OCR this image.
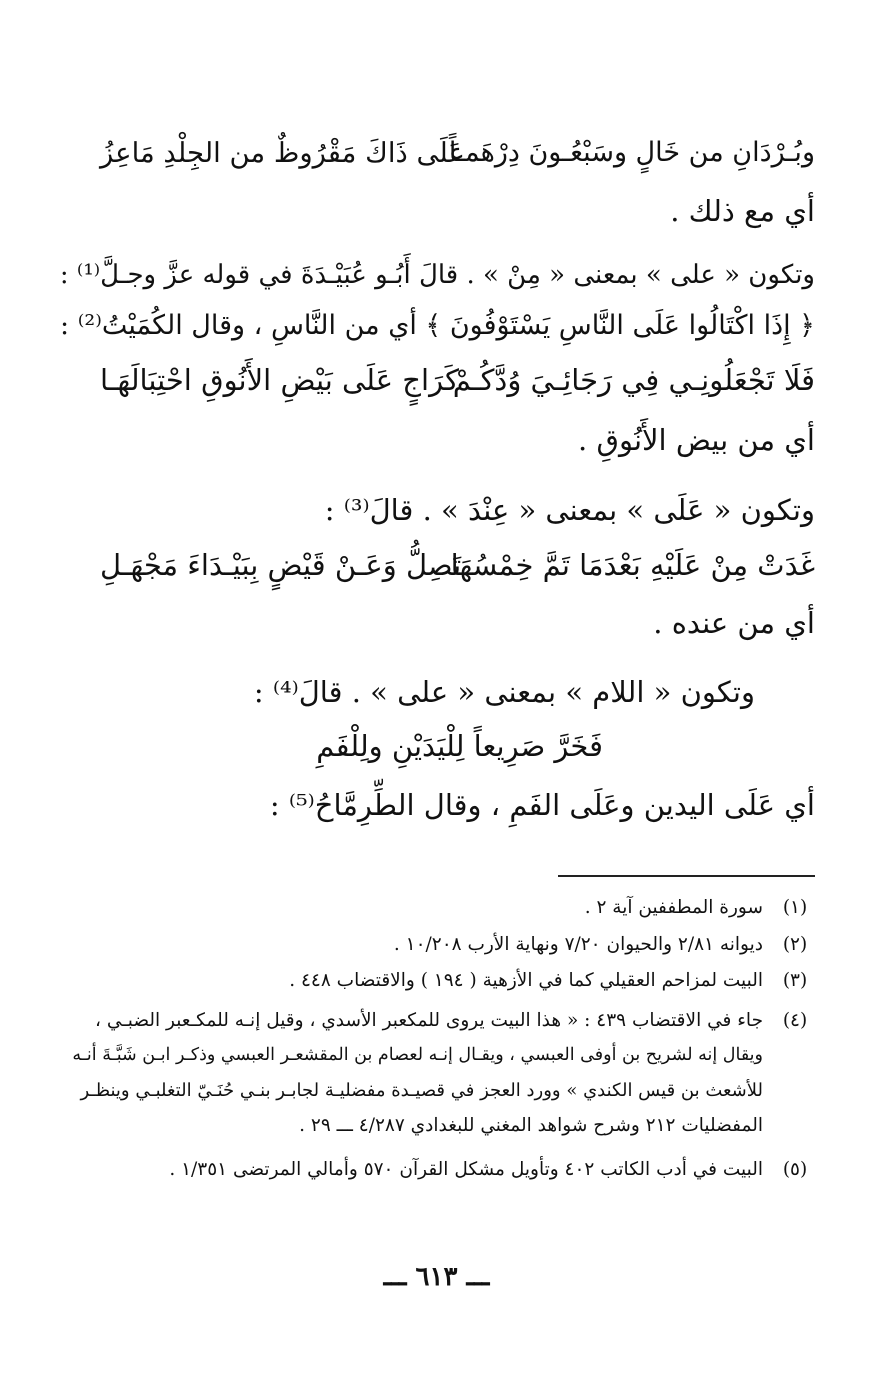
وبُـرْدَانِ من خَالٍ وسَبْعُـونَ دِرْهَمـاً
عَلَى ذَاكَ مَقْرُوظٌ من الجِلْدِ مَاعِزُ
أي مع ذلك .
وتكون « على » بمعنى « مِنْ » . قالَ أَبُـو عُبَيْـدَةَ في قوله عزَّ وجـلَّ⁽¹⁾ :
﴿ إِذَا اكْتَالُوا عَلَى النَّاسِ يَسْتَوْفُونَ ﴾ أي من النَّاسِ ، وقال الكُمَيْتُ⁽²⁾ :
فَلَا تَجْعَلُونِـي فِي رَجَائِـيَ وُدَّكُـمْ
كَرَاجٍ عَلَى بَيْضِ الأَنُوقِ احْتِبَالَهَـا
أي من بيض الأَنُوقِ .
وتكون « عَلَى » بمعنى « عِنْدَ » . قالَ⁽³⁾ :
غَدَتْ مِنْ عَلَيْهِ بَعْدَمَا تَمَّ خِمْسُهَا
تَصِلُّ وَعَـنْ قَيْضٍ بِبَيْـدَاءَ مَجْهَـلِ
أي من عنده .
وتكون « اللام » بمعنى « على » . قالَ⁽⁴⁾ :
فَخَرَّ صَرِيعاً لِلْيَدَيْنِ ولِلْفَمِ
أي عَلَى اليدين وعَلَى الفَمِ ، وقال الطِّرِمَّاحُ⁽⁵⁾ :
(١)
سورة المطففين آية ٢ .
(٢)
ديوانه ٢/٨١ والحيوان ٧/٢٠ ونهاية الأرب ١٠/٢٠٨ .
(٣)
البيت لمزاحم العقيلي كما في الأزهية ( ١٩٤ ) والاقتضاب ٤٤٨ .
(٤)
جاء في الاقتضاب ٤٣٩ : « هذا البيت يروى للمكعبر الأسدي ، وقيل إنـه للمكـعبر الضبـي ،
ويقال إنه لشريح بن أوفى العبسي ، ويقـال إنـه لعصام بن المقشعـر العبسي وذكـر ابـن شَبَّـةَ أنـه
للأشعث بن قيس الكندي » وورد العجز في قصيـدة مفضليـة لجابـر بنـي حُنَـيّ التغلبـي وينظـر
المفضليات ٢١٢ وشرح شواهد المغني للبغدادي ٤/٢٨٧ ـــ ٢٩ .
(٥)
البيت في أدب الكاتب ٤٠٢ وتأويل مشكل القرآن ٥٧٠ وأمالي المرتضى ١/٣٥١ .
ـــ ٦١٣ ـــ
